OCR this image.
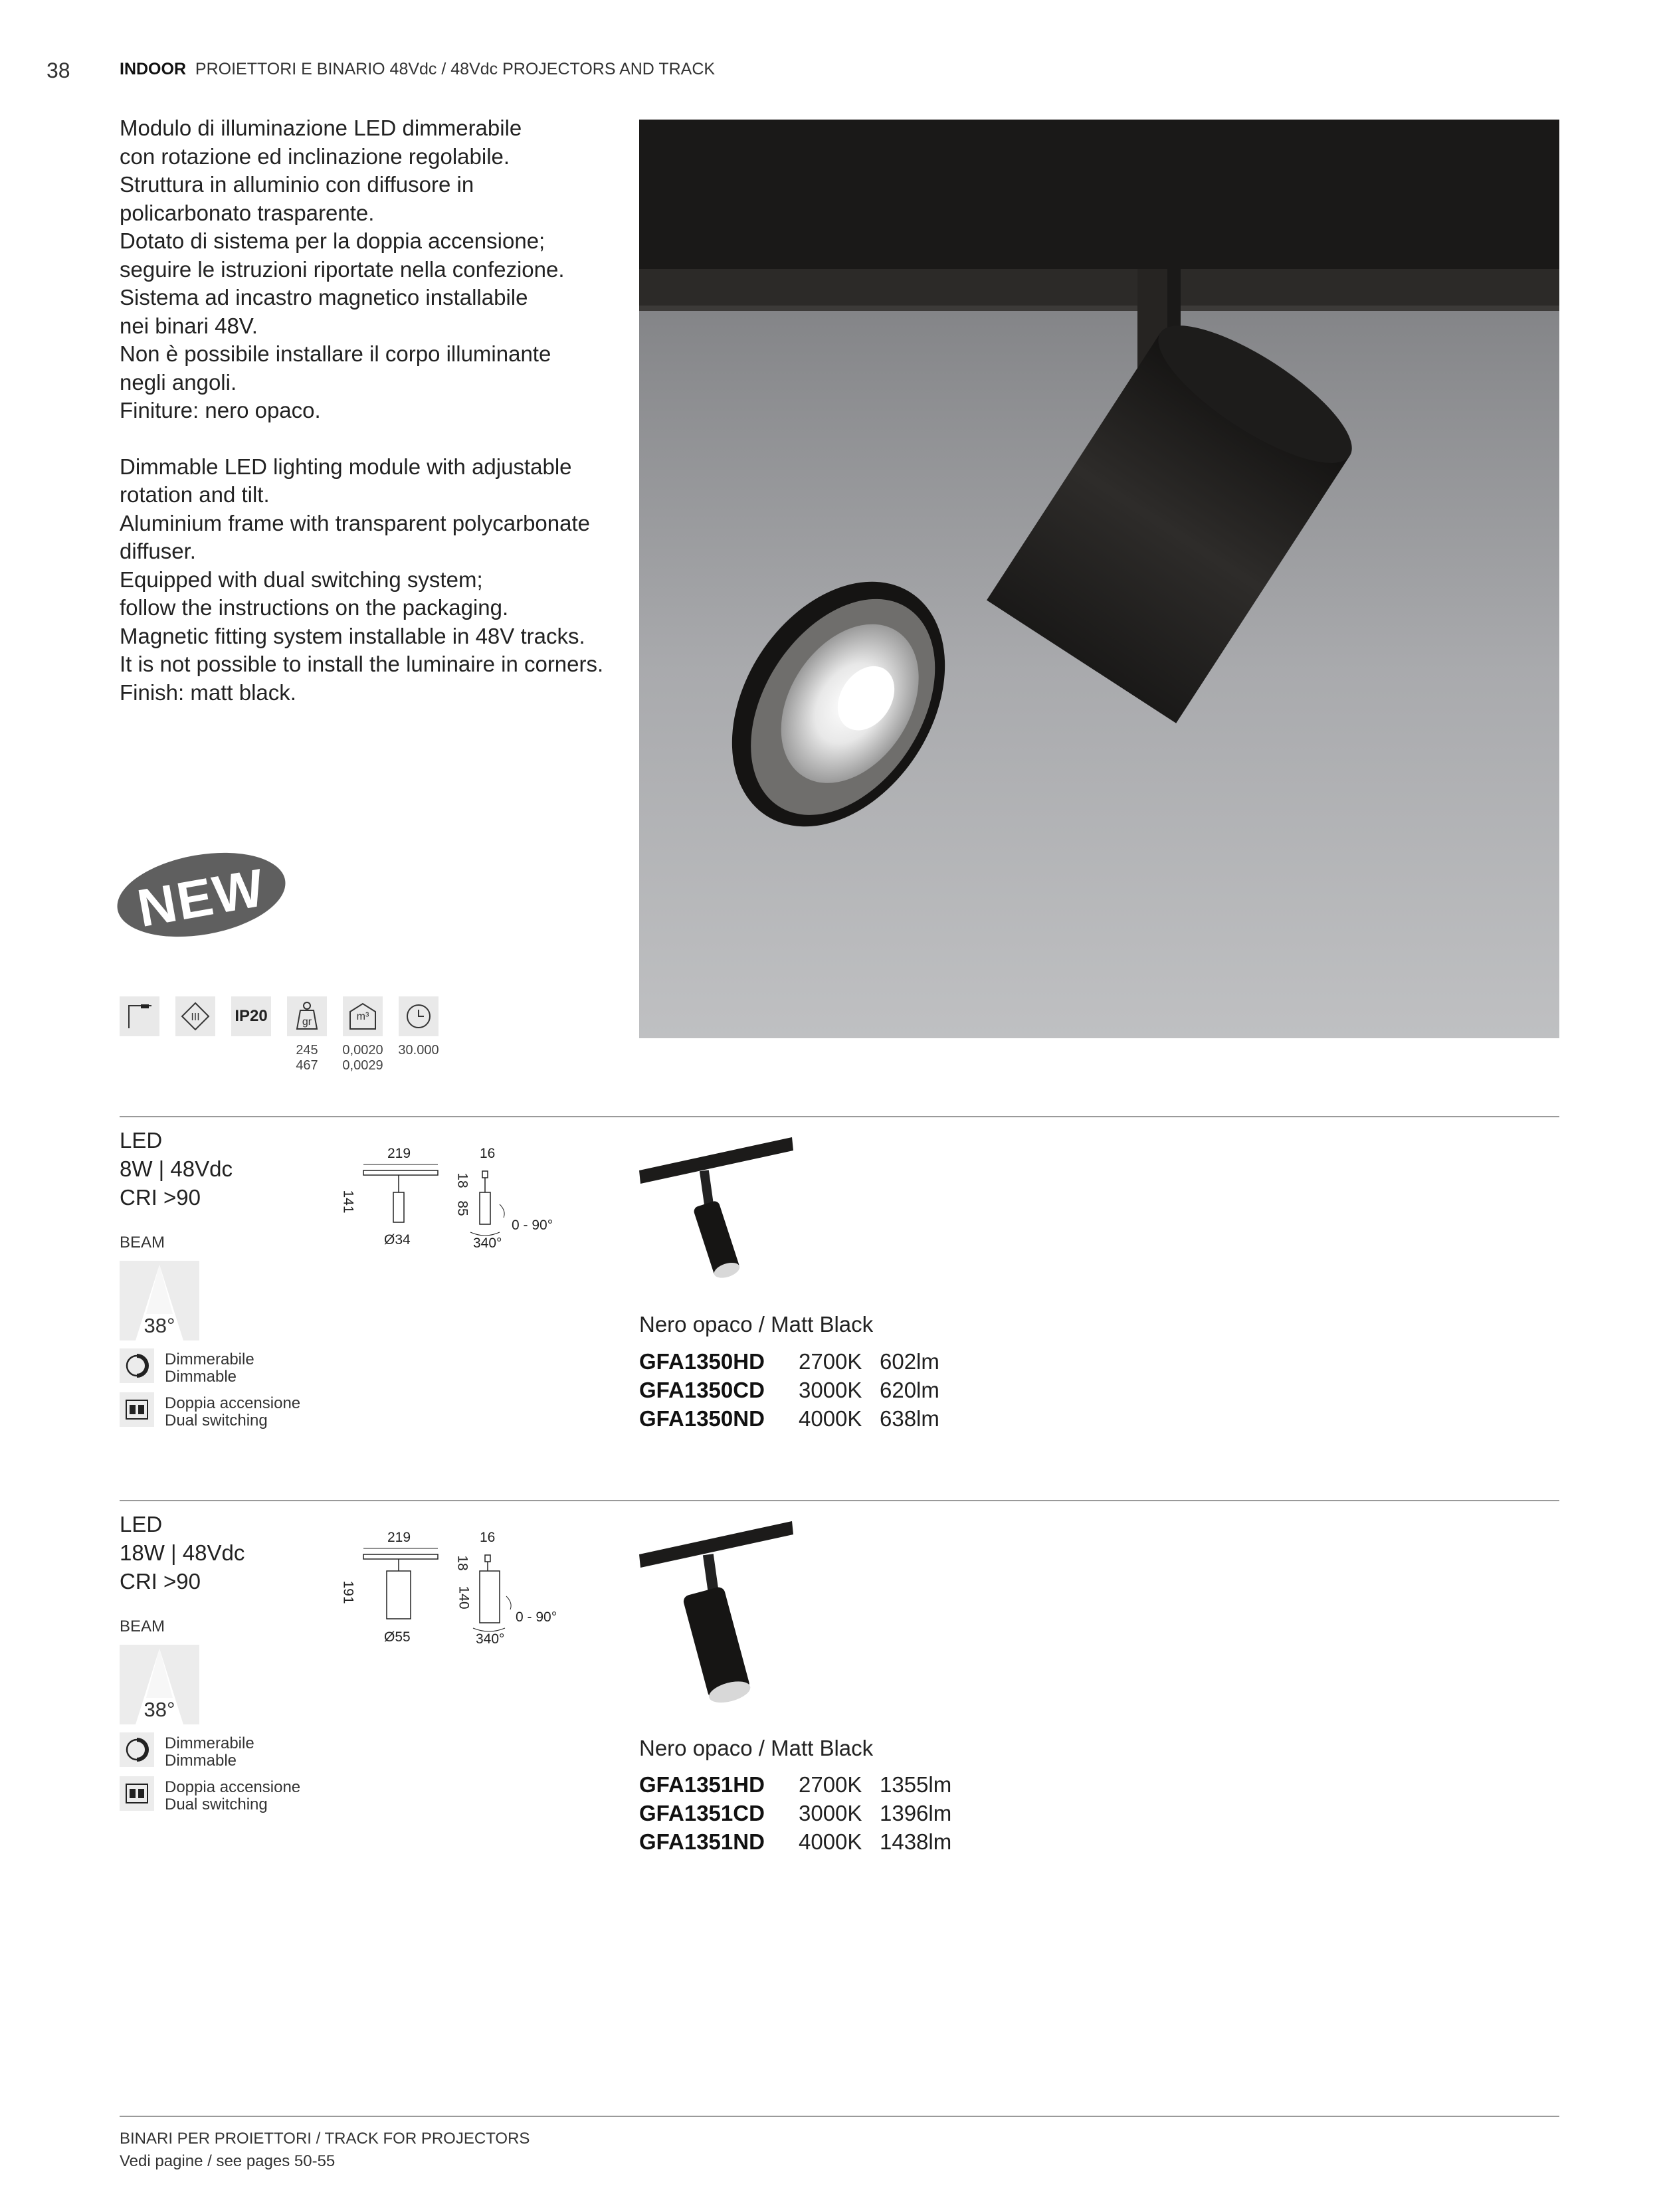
38	INDOOR PROIETTORI E BINARIO 48Vdc / 48Vdc PROJECTORS AND TRACK

Modulo di illuminazione LED dimmerabile

con rotazione ed inclinazione regolabile.

Struttura in alluminio con diffusore in

policarbonato trasparente.

Dotato di sistema per la doppia accensione;

seguire le istruzioni riportate nella confezione.

Sistema ad incastro magnetico installabile

nei binari 48V.

Non è possibile installare il corpo illuminante

negli angoli.

Finiture: nero opaco.

Dimmable LED lighting module with adjustable

rotation and tilt.

Aluminium frame with transparent polycarbonate

diffuser.

Equipped with dual switching system;

follow the instructions on the packaging.

Magnetic fitting system installable in 48V tracks.

It is not possible to install the luminaire in corners.

Finish: matt black.

NEW
III IP20	gr	m³
245
467
0,0020
0,0029
30.000
LED
8W | 48Vdc
CRI >90
BEAM
38°
Dimmerabile
Dimmable
Doppia accensione
Dual switching
219
141
Ø34
16
18
85
0 - 90°
340°
Nero opaco / Matt Black
GFA1350HD 2700K 602lm
GFA1350CD 3000K 620lm
GFA1350ND 4000K 638lm
LED
18W | 48Vdc
CRI >90
BEAM
38°
Dimmerabile
Dimmable
Doppia accensione
Dual switching
219
191
Ø55
16
18
140
0 - 90°
340°
Nero opaco / Matt Black
GFA1351HD 2700K 1355lm
GFA1351CD 3000K 1396lm
GFA1351ND 4000K 1438lm
BINARI PER PROIETTORI / TRACK FOR PROJECTORS
Vedi pagine / see pages 50-55
